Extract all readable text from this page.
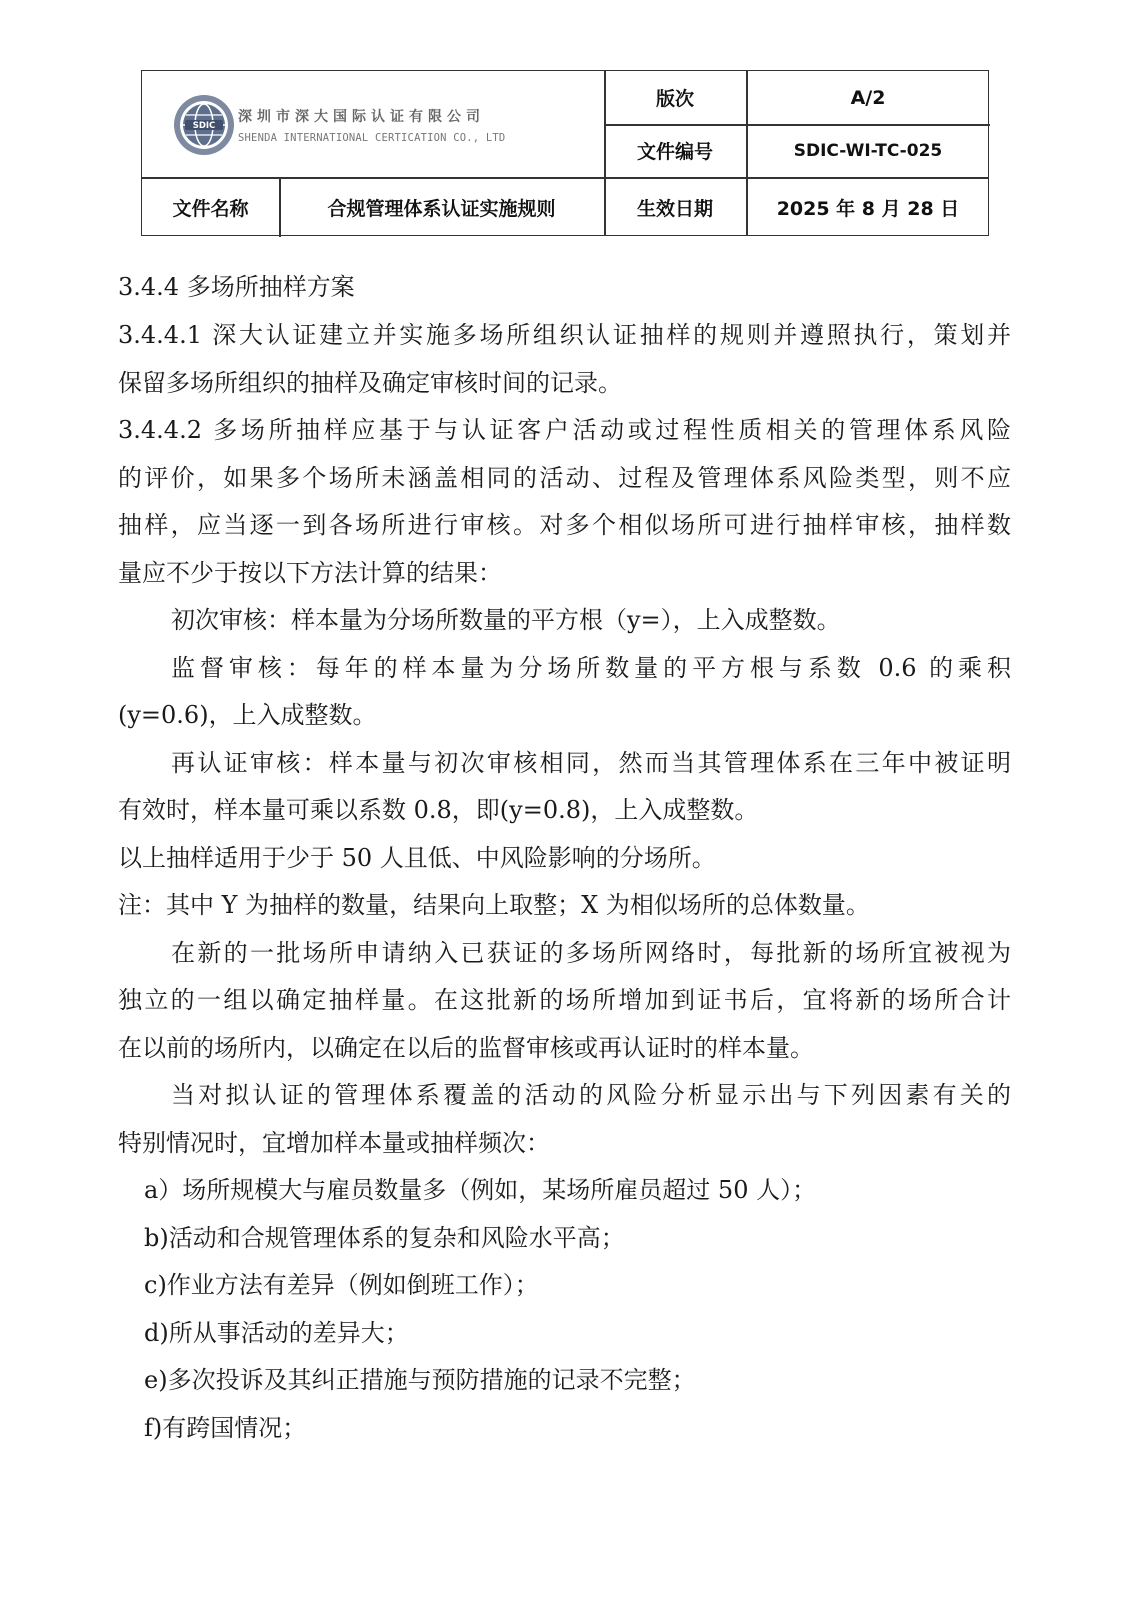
SDIC
深圳市深大国际认证有限公司
SHENDA INTERNATIONAL CERTICATION CO., LTD
版次	A/2
文件编号	SDIC-WI-TC-025
文件名称	合规管理体系认证实施规则	生效日期	2025 年 8 月 28 日
3.4.4 多场所抽样方案
3.4.4.1 深大认证建立并实施多场所组织认证抽样的规则并遵照执行，策划并
保留多场所组织的抽样及确定审核时间的记录。
3.4.4.2 多场所抽样应基于与认证客户活动或过程性质相关的管理体系风险
的评价，如果多个场所未涵盖相同的活动、过程及管理体系风险类型，则不应
抽样，应当逐一到各场所进行审核。对多个相似场所可进行抽样审核，抽样数
量应不少于按以下方法计算的结果：
初次审核：样本量为分场所数量的平方根（y=），上入成整数。
监督审核：每年的样本量为分场所数量的平方根与系数 0.6 的乘积
(y=0.6)，上入成整数。
再认证审核：样本量与初次审核相同，然而当其管理体系在三年中被证明
有效时，样本量可乘以系数 0.8，即(y=0.8)，上入成整数。
以上抽样适用于少于 50 人且低、中风险影响的分场所。
注：其中 Y 为抽样的数量，结果向上取整；X 为相似场所的总体数量。
在新的一批场所申请纳入已获证的多场所网络时，每批新的场所宜被视为
独立的一组以确定抽样量。在这批新的场所增加到证书后，宜将新的场所合计
在以前的场所内，以确定在以后的监督审核或再认证时的样本量。
当对拟认证的管理体系覆盖的活动的风险分析显示出与下列因素有关的
特别情况时，宜增加样本量或抽样频次：
a）场所规模大与雇员数量多（例如，某场所雇员超过 50 人）；
b)活动和合规管理体系的复杂和风险水平高；
c)作业方法有差异（例如倒班工作）；
d)所从事活动的差异大；
e)多次投诉及其纠正措施与预防措施的记录不完整；
f)有跨国情况；
